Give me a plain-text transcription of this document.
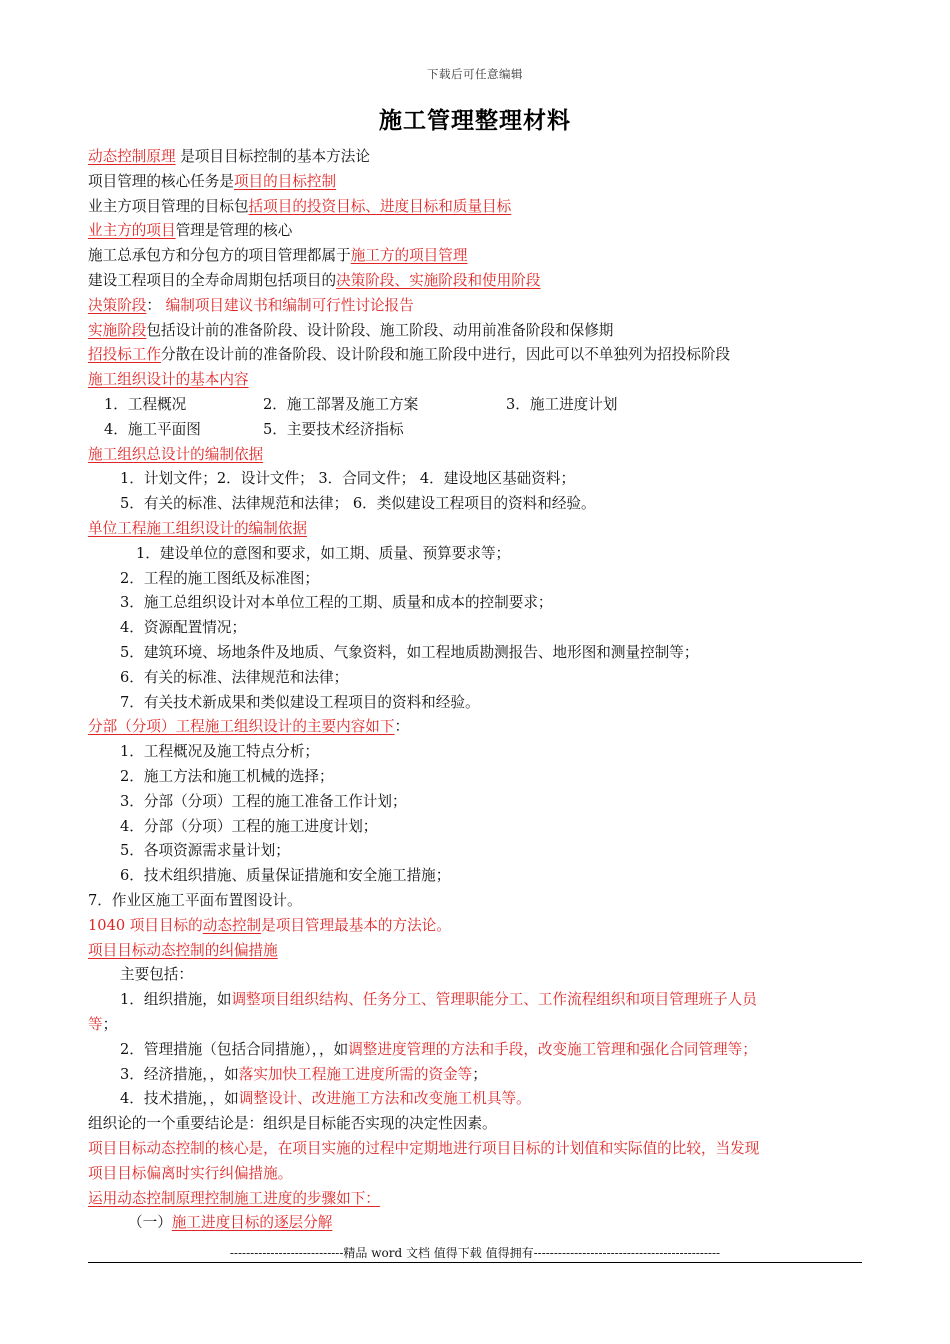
下载后可任意编辑
施工管理整理材料
动态控制原理 是项目目标控制的基本方法论
项目管理的核心任务是项目的目标控制
业主方项目管理的目标包括项目的投资目标、进度目标和质量目标
业主方的项目管理是管理的核心
施工总承包方和分包方的项目管理都属于施工方的项目管理
建设工程项目的全寿命周期包括项目的决策阶段、实施阶段和使用阶段
决策阶段： 编制项目建议书和编制可行性讨论报告
实施阶段包括设计前的准备阶段、设计阶段、施工阶段、动用前准备阶段和保修期
招投标工作分散在设计前的准备阶段、设计阶段和施工阶段中进行，因此可以不单独列为招投标阶段
施工组织设计的基本内容
1．工程概况	2．施工部署及施工方案	3．施工进度计划
4．施工平面图	5．主要技术经济指标
施工组织总设计的编制依据
1．计划文件；2．设计文件； 3．合同文件； 4．建设地区基础资料；
5．有关的标准、法律规范和法律； 6．类似建设工程项目的资料和经验。
单位工程施工组织设计的编制依据
1．建设单位的意图和要求，如工期、质量、预算要求等；
2．工程的施工图纸及标准图；
3．施工总组织设计对本单位工程的工期、质量和成本的控制要求；
4．资源配置情况；
5．建筑环境、场地条件及地质、气象资料，如工程地质勘测报告、地形图和测量控制等；
6．有关的标准、法律规范和法律；
7．有关技术新成果和类似建设工程项目的资料和经验。
分部（分项）工程施工组织设计的主要内容如下：
1．工程概况及施工特点分析；
2．施工方法和施工机械的选择；
3．分部（分项）工程的施工准备工作计划；
4．分部（分项）工程的施工进度计划；
5．各项资源需求量计划；
6．技术组织措施、质量保证措施和安全施工措施；
7．作业区施工平面布置图设计。
1040 项目目标的动态控制是项目管理最基本的方法论。
项目目标动态控制的纠偏措施
主要包括：
1．组织措施，如调整项目组织结构、任务分工、管理职能分工、工作流程组织和项目管理班子人员
等；
2．管理措施（包括合同措施），，如调整进度管理的方法和手段，改变施工管理和强化合同管理等；
3．经济措施，，如落实加快工程施工进度所需的资金等；
4．技术措施，，如调整设计、改进施工方法和改变施工机具等。
组织论的一个重要结论是：组织是目标能否实现的决定性因素。
项目目标动态控制的核心是，在项目实施的过程中定期地进行项目目标的计划值和实际值的比较，当发现
项目目标偏离时实行纠偏措施。
运用动态控制原理控制施工进度的步骤如下：
（一）施工进度目标的逐层分解
----------------------------精品 word 文档 值得下载 值得拥有----------------------------------------------
